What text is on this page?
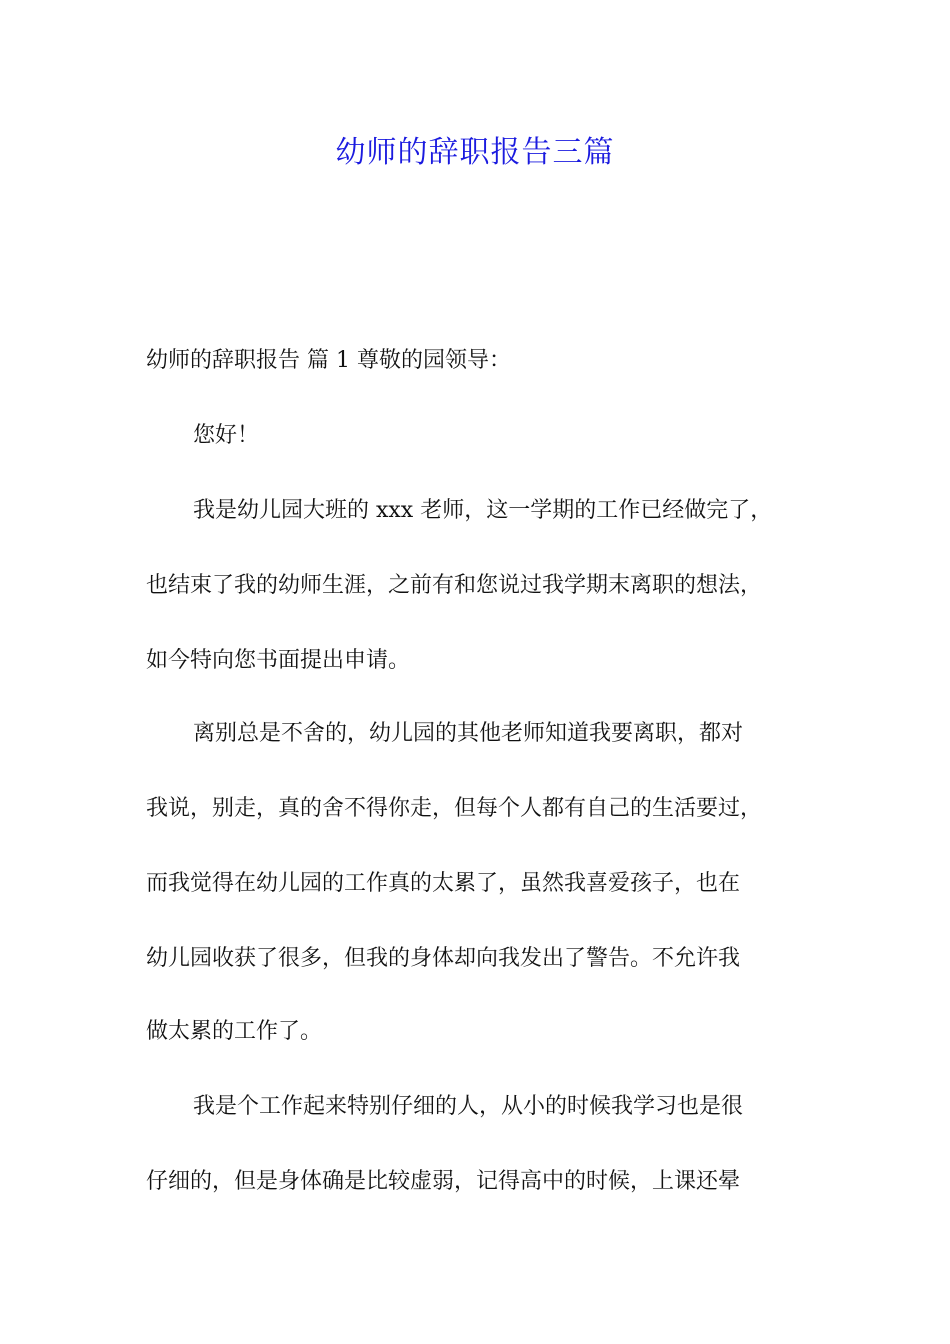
幼师的辞职报告三篇

幼师的辞职报告 篇 1 尊敬的园领导：

您好！

我是幼儿园大班的 xxx 老师，这一学期的工作已经做完了，

也结束了我的幼师生涯，之前有和您说过我学期末离职的想法，

如今特向您书面提出申请。

离别总是不舍的，幼儿园的其他老师知道我要离职，都对

我说，别走，真的舍不得你走，但每个人都有自己的生活要过，

而我觉得在幼儿园的工作真的太累了，虽然我喜爱孩子，也在

幼儿园收获了很多，但我的身体却向我发出了警告。不允许我

做太累的工作了。

我是个工作起来特别仔细的人，从小的时候我学习也是很

仔细的，但是身体确是比较虚弱，记得高中的时候，上课还晕
